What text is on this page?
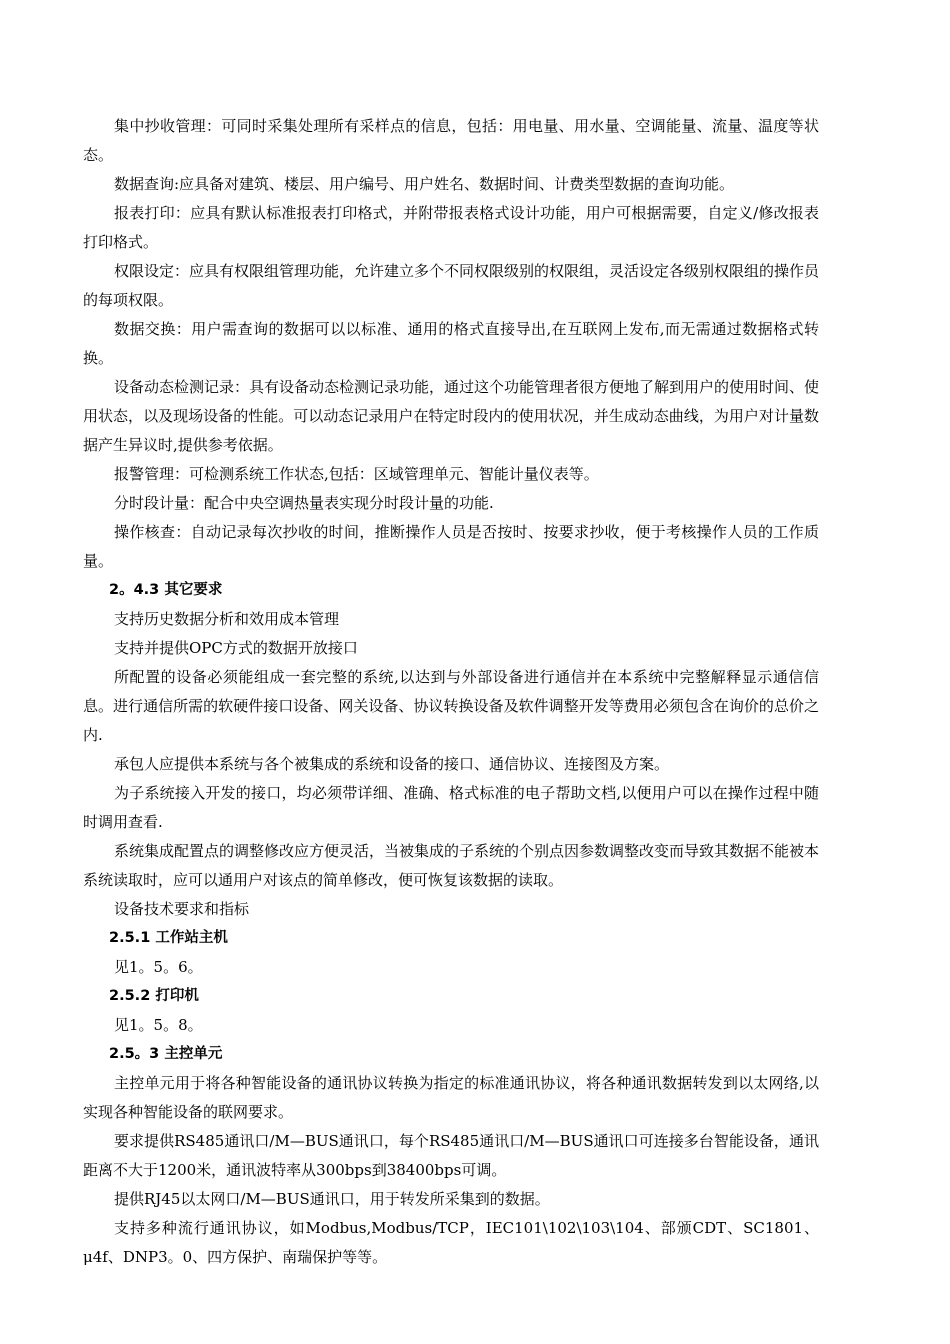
集中抄收管理：可同时采集处理所有采样点的信息，包括：用电量、用水量、空调能量、流量、温度等状态。

数据查询:应具备对建筑、楼层、用户编号、用户姓名、数据时间、计费类型数据的查询功能。

报表打印：应具有默认标准报表打印格式，并附带报表格式设计功能，用户可根据需要，自定义/修改报表打印格式。

权限设定：应具有权限组管理功能，允许建立多个不同权限级别的权限组，灵活设定各级别权限组的操作员的每项权限。

数据交换：用户需查询的数据可以以标准、通用的格式直接导出,在互联网上发布,而无需通过数据格式转换。

设备动态检测记录：具有设备动态检测记录功能，通过这个功能管理者很方便地了解到用户的使用时间、使用状态，以及现场设备的性能。可以动态记录用户在特定时段内的使用状况，并生成动态曲线，为用户对计量数据产生异议时,提供参考依据。

报警管理：可检测系统工作状态,包括：区域管理单元、智能计量仪表等。

分时段计量：配合中央空调热量表实现分时段计量的功能.

操作核查：自动记录每次抄收的时间，推断操作人员是否按时、按要求抄收，便于考核操作人员的工作质量。

2。4.3 其它要求

支持历史数据分析和效用成本管理

支持并提供OPC方式的数据开放接口

所配置的设备必须能组成一套完整的系统,以达到与外部设备进行通信并在本系统中完整解释显示通信信息。进行通信所需的软硬件接口设备、网关设备、协议转换设备及软件调整开发等费用必须包含在询价的总价之内.

承包人应提供本系统与各个被集成的系统和设备的接口、通信协议、连接图及方案。

为子系统接入开发的接口，均必须带详细、准确、格式标准的电子帮助文档,以便用户可以在操作过程中随时调用查看.

系统集成配置点的调整修改应方便灵活，当被集成的子系统的个别点因参数调整改变而导致其数据不能被本系统读取时，应可以通用户对该点的简单修改，便可恢复该数据的读取。

设备技术要求和指标

2.5.1 工作站主机

见1。5。6。

2.5.2 打印机

见1。5。8。

2.5。3 主控单元

主控单元用于将各种智能设备的通讯协议转换为指定的标准通讯协议，将各种通讯数据转发到以太网络,以实现各种智能设备的联网要求。

要求提供RS485通讯口/M—BUS通讯口，每个RS485通讯口/M—BUS通讯口可连接多台智能设备，通讯距离不大于1200米，通讯波特率从300bps到38400bps可调。

提供RJ45以太网口/M—BUS通讯口，用于转发所采集到的数据。

支持多种流行通讯协议，如Modbus,Modbus/TCP，IEC101\102\103\104、部颁CDT、SC1801、μ4f、DNP3。0、四方保护、南瑞保护等等。
